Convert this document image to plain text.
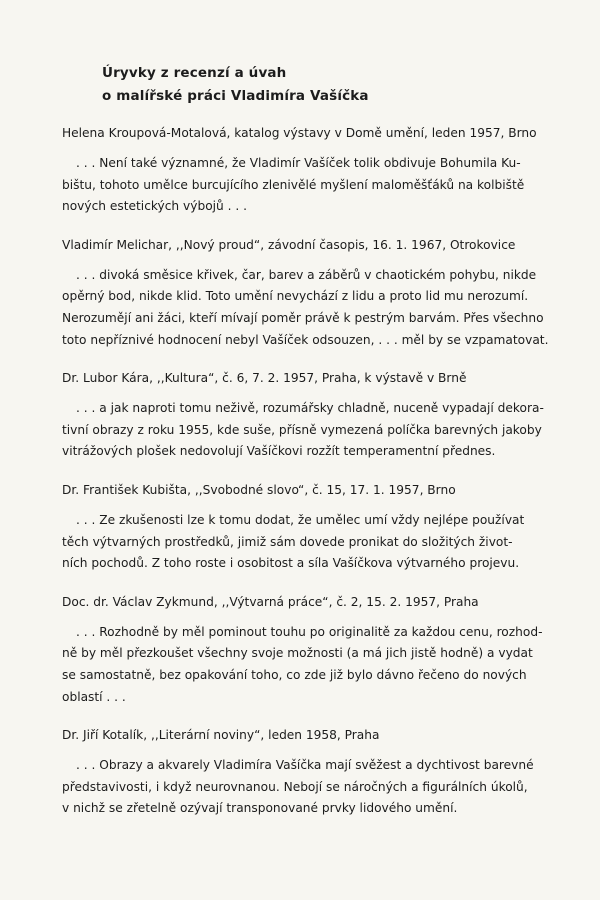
Úryvky z recenzí a úvah
o malířské práci Vladimíra Vašíčka
Helena Kroupová-Motalová, katalog výstavy v Domě umění, leden 1957, Brno
. . . Není také významné, že Vladimír Vašíček tolik obdivuje Bohumila Ku-
bištu, tohoto umělce burcujícího zlenivělé myšlení maloměšťáků na kolbiště
nových estetických výbojů . . .
Vladimír Melichar, ,,Nový proud“, závodní časopis, 16. 1. 1967, Otrokovice
. . . divoká směsice křivek, čar, barev a záběrů v chaotickém pohybu, nikde
opěrný bod, nikde klid. Toto umění nevychází z lidu a proto lid mu nerozumí.
Nerozumějí ani žáci, kteří mívají poměr právě k pestrým barvám. Přes všechno
toto nepříznivé hodnocení nebyl Vašíček odsouzen, . . . měl by se vzpamatovat.
Dr. Lubor Kára, ,,Kultura“, č. 6, 7. 2. 1957, Praha, k výstavě v Brně
. . . a jak naproti tomu neživě, rozumářsky chladně, nuceně vypadají dekora-
tivní obrazy z roku 1955, kde suše, přísně vymezená políčka barevných jakoby
vitrážových plošek nedovolují Vašíčkovi rozžít temperamentní přednes.
Dr. František Kubišta, ,,Svobodné slovo“, č. 15, 17. 1. 1957, Brno
. . . Ze zkušenosti lze k tomu dodat, že umělec umí vždy nejlépe používat
těch výtvarných prostředků, jimiž sám dovede pronikat do složitých život-
ních pochodů. Z toho roste i osobitost a síla Vašíčkova výtvarného projevu.
Doc. dr. Václav Zykmund, ,,Výtvarná práce“, č. 2, 15. 2. 1957, Praha
. . . Rozhodně by měl pominout touhu po originalitě za každou cenu, rozhod-
ně by měl přezkoušet všechny svoje možnosti (a má jich jistě hodně) a vydat
se samostatně, bez opakování toho, co zde již bylo dávno řečeno do nových
oblastí . . .
Dr. Jiří Kotalík, ,,Literární noviny“, leden 1958, Praha
. . . Obrazy a akvarely Vladimíra Vašíčka mají svěžest a dychtivost barevné
představivosti, i když neurovnanou. Nebojí se náročných a figurálních úkolů,
v nichž se zřetelně ozývají transponované prvky lidového umění.
